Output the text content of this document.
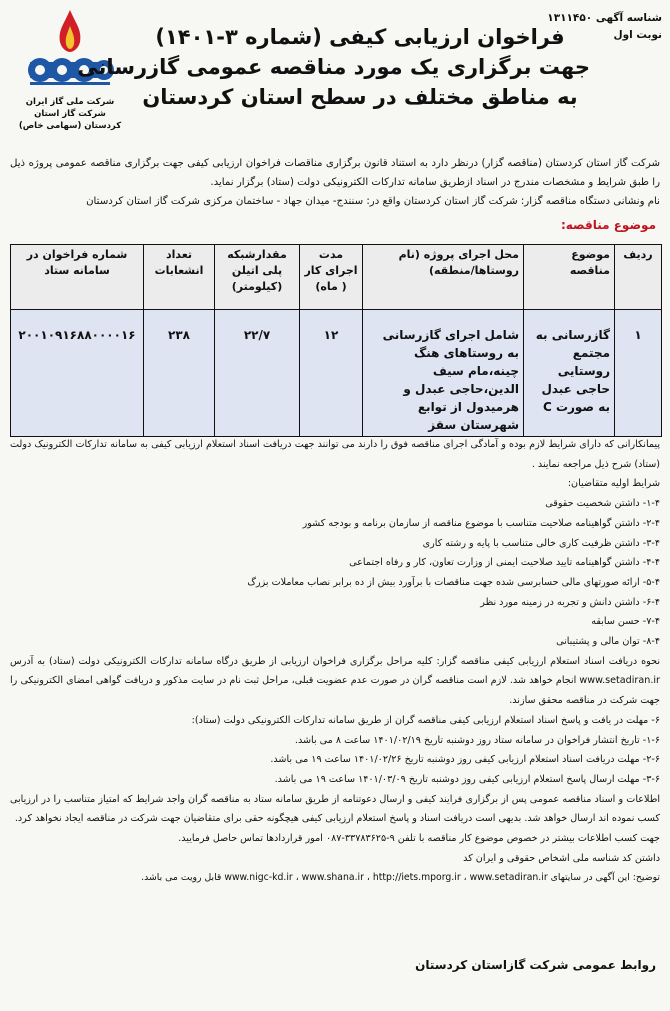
شناسه آگهی ۱۳۱۱۴۵۰
نوبت اول
شرکت ملی گاز ایران
شرکت گاز استان
کردستان (سهامی خاص)
فراخوان ارزیابی کیفی (شماره ۳-۱۴۰۱)
جهت برگزاری یک مورد مناقصه عمومی گازرسانی
به مناطق مختلف در سطح استان کردستان
شرکت گاز استان کردستان (مناقصه گزار) درنظر دارد به استناد قانون برگزاری مناقصات فراخوان ارزیابی کیفی جهت برگزاری مناقصه عمومی پروژه ذیل را طبق شرایط و مشخصات مندرج در اسناد ازطریق سامانه تدارکات الکترونیکی دولت (ستاد) برگزار نماید.
نام ونشانی دستگاه مناقصه گزار: شرکت گاز استان کردستان واقع در: سنندج- میدان جهاد - ساختمان مرکزی شرکت گاز استان کردستان
موضوع مناقصه:
ردیف	موضوع مناقصه	محل اجرای پروژه (نام روستاها/منطقه)	مدت اجرای کار ( ماه)	مقدارشبکه پلی اتیلن (کیلومتر)	تعداد انشعابات	شماره فراخوان در سامانه ستاد
۱	گازرسانی به مجتمع روستایی حاجی عبدل به صورت C	شامل اجرای گازرسانی به روستاهای هنگ چینه،مام سیف الدین،حاجی عبدل و هرمیدول از توابع شهرستان سقز	۱۲	۲۲/۷	۲۳۸	۲۰۰۱۰۹۱۶۸۸۰۰۰۰۱۶

پیمانکارانی که دارای شرایط لازم بوده و آمادگی اجرای مناقصه فوق را دارند می توانند جهت دریافت اسناد استعلام ارزیابی کیفی به سامانه تدارکات الکترونیک دولت (ستاد) شرح ذیل مراجعه نمایند .

شرایط اولیه متقاضیان:

۱-۴- داشتن شخصیت حقوقی

۲-۴- داشتن گواهینامه صلاحیت متناسب با موضوع مناقصه از سازمان برنامه و بودجه کشور

۳-۴- داشتن ظرفیت کاری خالی متناسب با پایه و رشته کاری

۴-۴- داشتن گواهینامه تایید صلاحیت ایمنی از وزارت تعاون، کار و رفاه اجتماعی

۵-۴- ارائه صورتهای مالی حسابرسی شده جهت مناقصات با برآورد بیش از ده برابر نصاب معاملات بزرگ

۶-۴- داشتن دانش و تجربه در زمینه مورد نظر

۷-۴- حسن سابقه

۸-۴- توان مالی و پشتیبانی

نحوه دریافت اسناد استعلام ارزیابی کیفی مناقصه گزار: کلیه مراحل برگزاری فراخوان ارزیابی از طریق درگاه سامانه تدارکات الکترونیکی دولت (ستاد) به آدرس www.setadiran.ir انجام خواهد شد. لازم است مناقصه گران در صورت عدم عضویت قبلی، مراحل ثبت نام در سایت مذکور و دریافت گواهی امضای الکترونیکی را جهت شرکت در مناقصه محقق سازند.

۶- مهلت در یافت و پاسخ اسناد استعلام ارزیابی کیفی مناقصه گران از طریق سامانه تدارکات الکترونیکی دولت (ستاد):

۱-۶- تاریخ انتشار فراخوان در سامانه ستاد روز دوشنبه تاریخ ۱۴۰۱/۰۲/۱۹ ساعت ۸ می باشد.

۲-۶- مهلت دریافت اسناد استعلام ارزیابی کیفی روز دوشنبه تاریخ ۱۴۰۱/۰۲/۲۶ ساعت ۱۹ می باشد.

۳-۶- مهلت ارسال پاسخ استعلام ارزیابی کیفی روز دوشنبه تاریخ ۱۴۰۱/۰۳/۰۹ ساعت ۱۹ می باشد.

اطلاعات و اسناد مناقصه عمومی پس از برگزاری فرایند کیفی و ارسال دعوتنامه از طریق سامانه ستاد به مناقصه گران واجد شرایط که امتیاز متناسب را در ارزیابی کسب نموده اند ارسال خواهد شد. بدیهی است دریافت اسناد و پاسخ استعلام ارزیابی کیفی هیچگونه حقی برای متقاضیان جهت شرکت در مناقصه ایجاد نخواهد کرد.

جهت کسب اطلاعات بیشتر در خصوص موضوع کار مناقصه با تلفن ۹-۳۳۷۸۳۶۲۵-۰۸۷ امور قراردادها تماس حاصل فرمایید.

داشتن کد شناسه ملی اشخاص حقوقی و ایران کد

توضیح: این آگهی در سایتهای www.nigc-kd.ir ، www.shana.ir ، http://iets.mporg.ir ، www.setadiran.ir قابل رویت می باشد.

روابط عمومی شرکت گازاستان کردستان
